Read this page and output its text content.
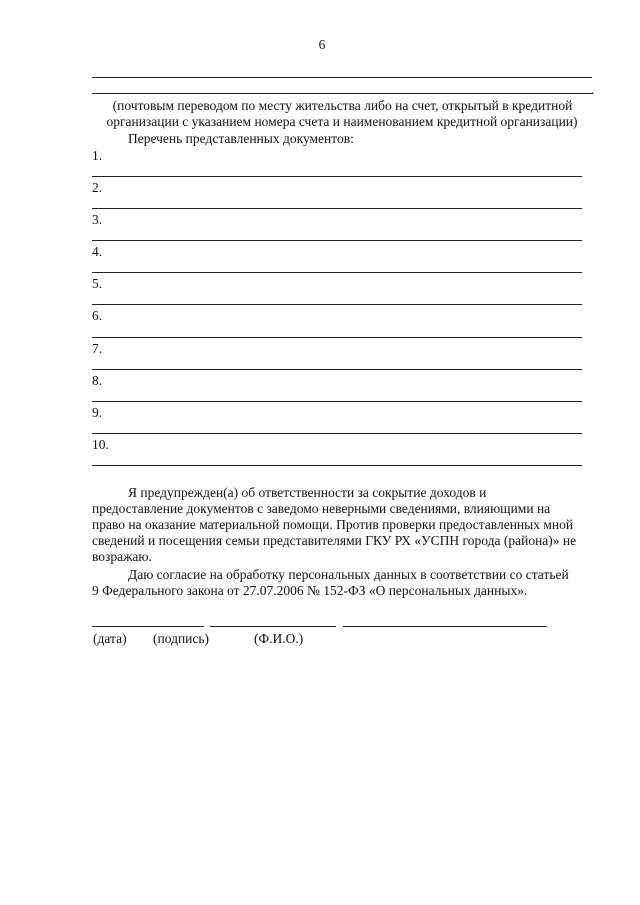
6
.
(почтовым переводом по месту жительства либо на счет, открытый в кредитной
организации с указанием номера счета и наименованием кредитной организации)
Перечень представленных документов:
1.
2.
3.
4.
5.
6.
7.
8.
9.
10.
Я предупрежден(а) об ответственности за сокрытие доходов и
предоставление документов с заведомо неверными сведениями, влияющими на
право на оказание материальной помощи. Против проверки предоставленных мной
сведений и посещения семьи представителями ГКУ РХ «УСПН города (района)» не
возражаю.
Даю согласие на обработку персональных данных в соответствии со статьей
9 Федерального закона от 27.07.2006 № 152-ФЗ «О персональных данных».
(дата) (подпись)	(Ф.И.О.)
